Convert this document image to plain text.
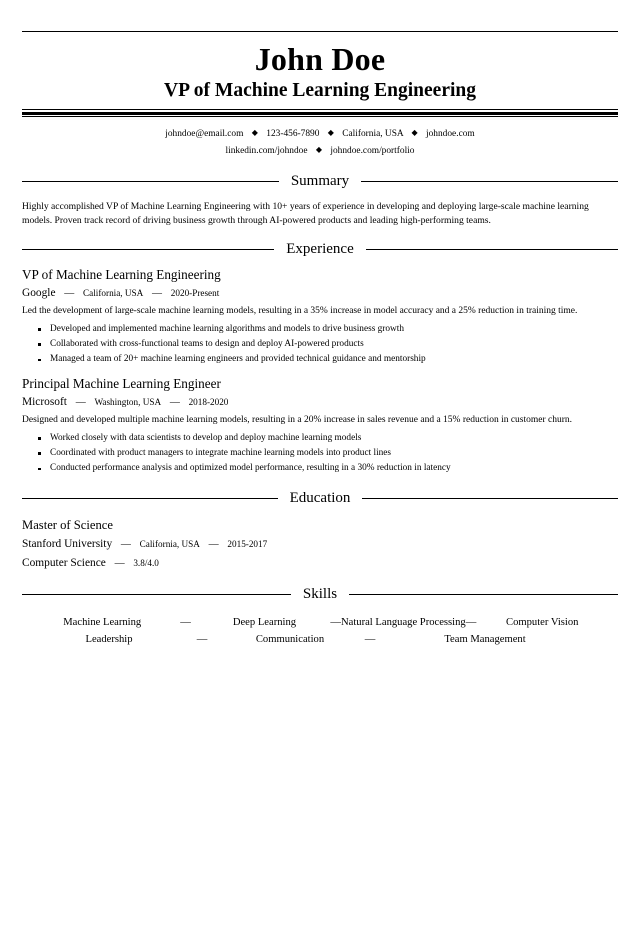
John Doe
VP of Machine Learning Engineering
johndoe@email.com ◆ 123-456-7890 ◆ California, USA ◆ johndoe.com
linkedin.com/johndoe ◆ johndoe.com/portfolio
Summary
Highly accomplished VP of Machine Learning Engineering with 10+ years of experience in developing and deploying large-scale machine learning models. Proven track record of driving business growth through AI-powered products and leading high-performing teams.
Experience
VP of Machine Learning Engineering
Google — California, USA — 2020-Present
Led the development of large-scale machine learning models, resulting in a 35% increase in model accuracy and a 25% reduction in training time.
Developed and implemented machine learning algorithms and models to drive business growth
Collaborated with cross-functional teams to design and deploy AI-powered products
Managed a team of 20+ machine learning engineers and provided technical guidance and mentorship
Principal Machine Learning Engineer
Microsoft — Washington, USA — 2018-2020
Designed and developed multiple machine learning models, resulting in a 20% increase in sales revenue and a 15% reduction in customer churn.
Worked closely with data scientists to develop and deploy machine learning models
Coordinated with product managers to integrate machine learning models into product lines
Conducted performance analysis and optimized model performance, resulting in a 30% reduction in latency
Education
Master of Science
Stanford University — California, USA — 2015-2017
Computer Science — 3.8/4.0
Skills
Machine Learning	—	Deep Learning	—Natural Language Processing—	Computer Vision
Leadership	—	Communication	—	Team Management
